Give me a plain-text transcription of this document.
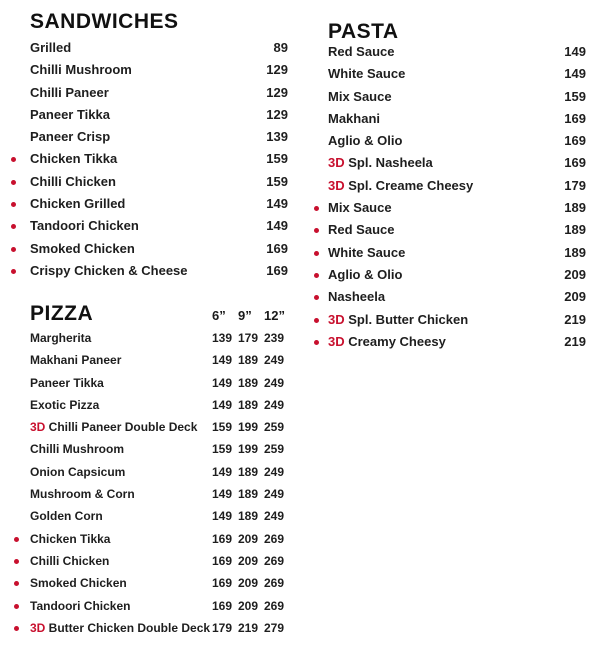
SANDWICHES
Grilled	89
Chilli Mushroom	129
Chilli Paneer	129
Paneer Tikka	129
Paneer Crisp	139
Chicken Tikka	159
Chilli Chicken	159
Chicken Grilled	149
Tandoori Chicken	149
Smoked Chicken	169
Crispy Chicken & Cheese	169
PIZZA	6” 9” 12”
Margherita	139 179 239
Makhani Paneer	149 189 249
Paneer Tikka	149 189 249
Exotic Pizza	149 189 249
3D Chilli Paneer Double Deck 159 199 259
Chilli Mushroom	159 199 259
Onion Capsicum	149 189 249
Mushroom & Corn	149 189 249
Golden Corn	149 189 249
Chicken Tikka	169 209 269
Chilli Chicken	169 209 269
Smoked Chicken	169 209 269
Tandoori Chicken	169 209 269
3D Butter Chicken Double Deck 179 219 279
PASTA
Red Sauce	149
White Sauce	149
Mix Sauce	159
Makhani	169
Aglio & Olio	169
3D Spl. Nasheela	169
3D Spl. Creame Cheesy	179
Mix Sauce	189
Red Sauce	189
White Sauce	189
Aglio & Olio	209
Nasheela	209
3D Spl. Butter Chicken	219
3D Creamy Cheesy	219
